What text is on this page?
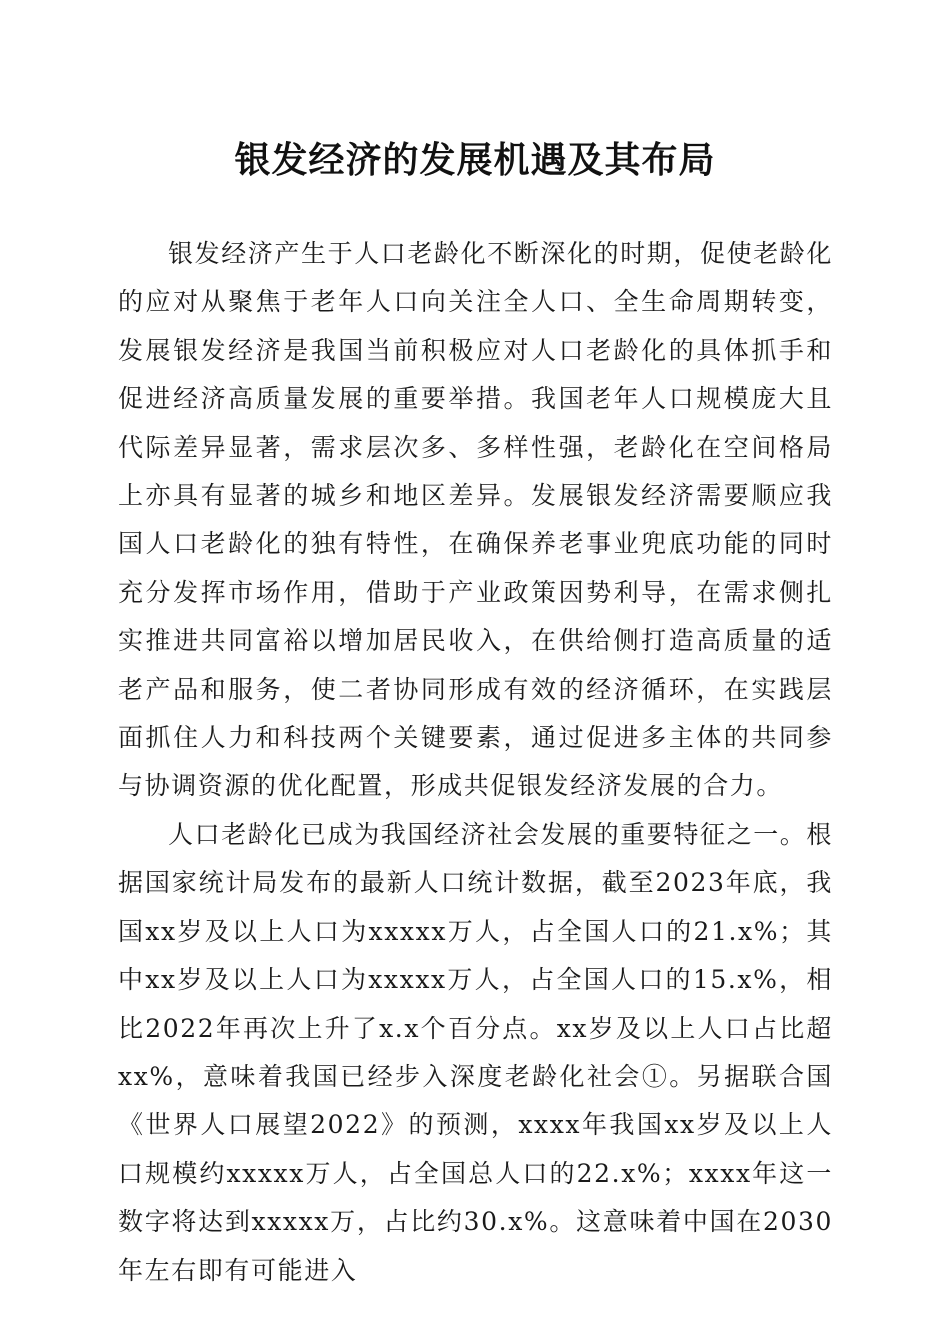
银发经济的发展机遇及其布局

银发经济产生于人口老龄化不断深化的时期，促使老龄化的应对从聚焦于老年人口向关注全人口、全生命周期转变，发展银发经济是我国当前积极应对人口老龄化的具体抓手和促进经济高质量发展的重要举措。我国老年人口规模庞大且代际差异显著，需求层次多、多样性强，老龄化在空间格局上亦具有显著的城乡和地区差异。发展银发经济需要顺应我国人口老龄化的独有特性，在确保养老事业兜底功能的同时充分发挥市场作用，借助于产业政策因势利导，在需求侧扎实推进共同富裕以增加居民收入，在供给侧打造高质量的适老产品和服务，使二者协同形成有效的经济循环，在实践层面抓住人力和科技两个关键要素，通过促进多主体的共同参与协调资源的优化配置，形成共促银发经济发展的合力。

人口老龄化已成为我国经济社会发展的重要特征之一。根据国家统计局发布的最新人口统计数据，截至2023年底，我国xx岁及以上人口为xxxxx万人，占全国人口的21.x%；其中xx岁及以上人口为xxxxx万人，占全国人口的15.x%，相比2022年再次上升了x.x个百分点。xx岁及以上人口占比超xx%，意味着我国已经步入深度老龄化社会①。另据联合国《世界人口展望2022》的预测，xxxx年我国xx岁及以上人口规模约xxxxx万人，占全国总人口的22.x%；xxxx年这一数字将达到xxxxx万，占比约30.x%。这意味着中国在2030年左右即有可能进入
